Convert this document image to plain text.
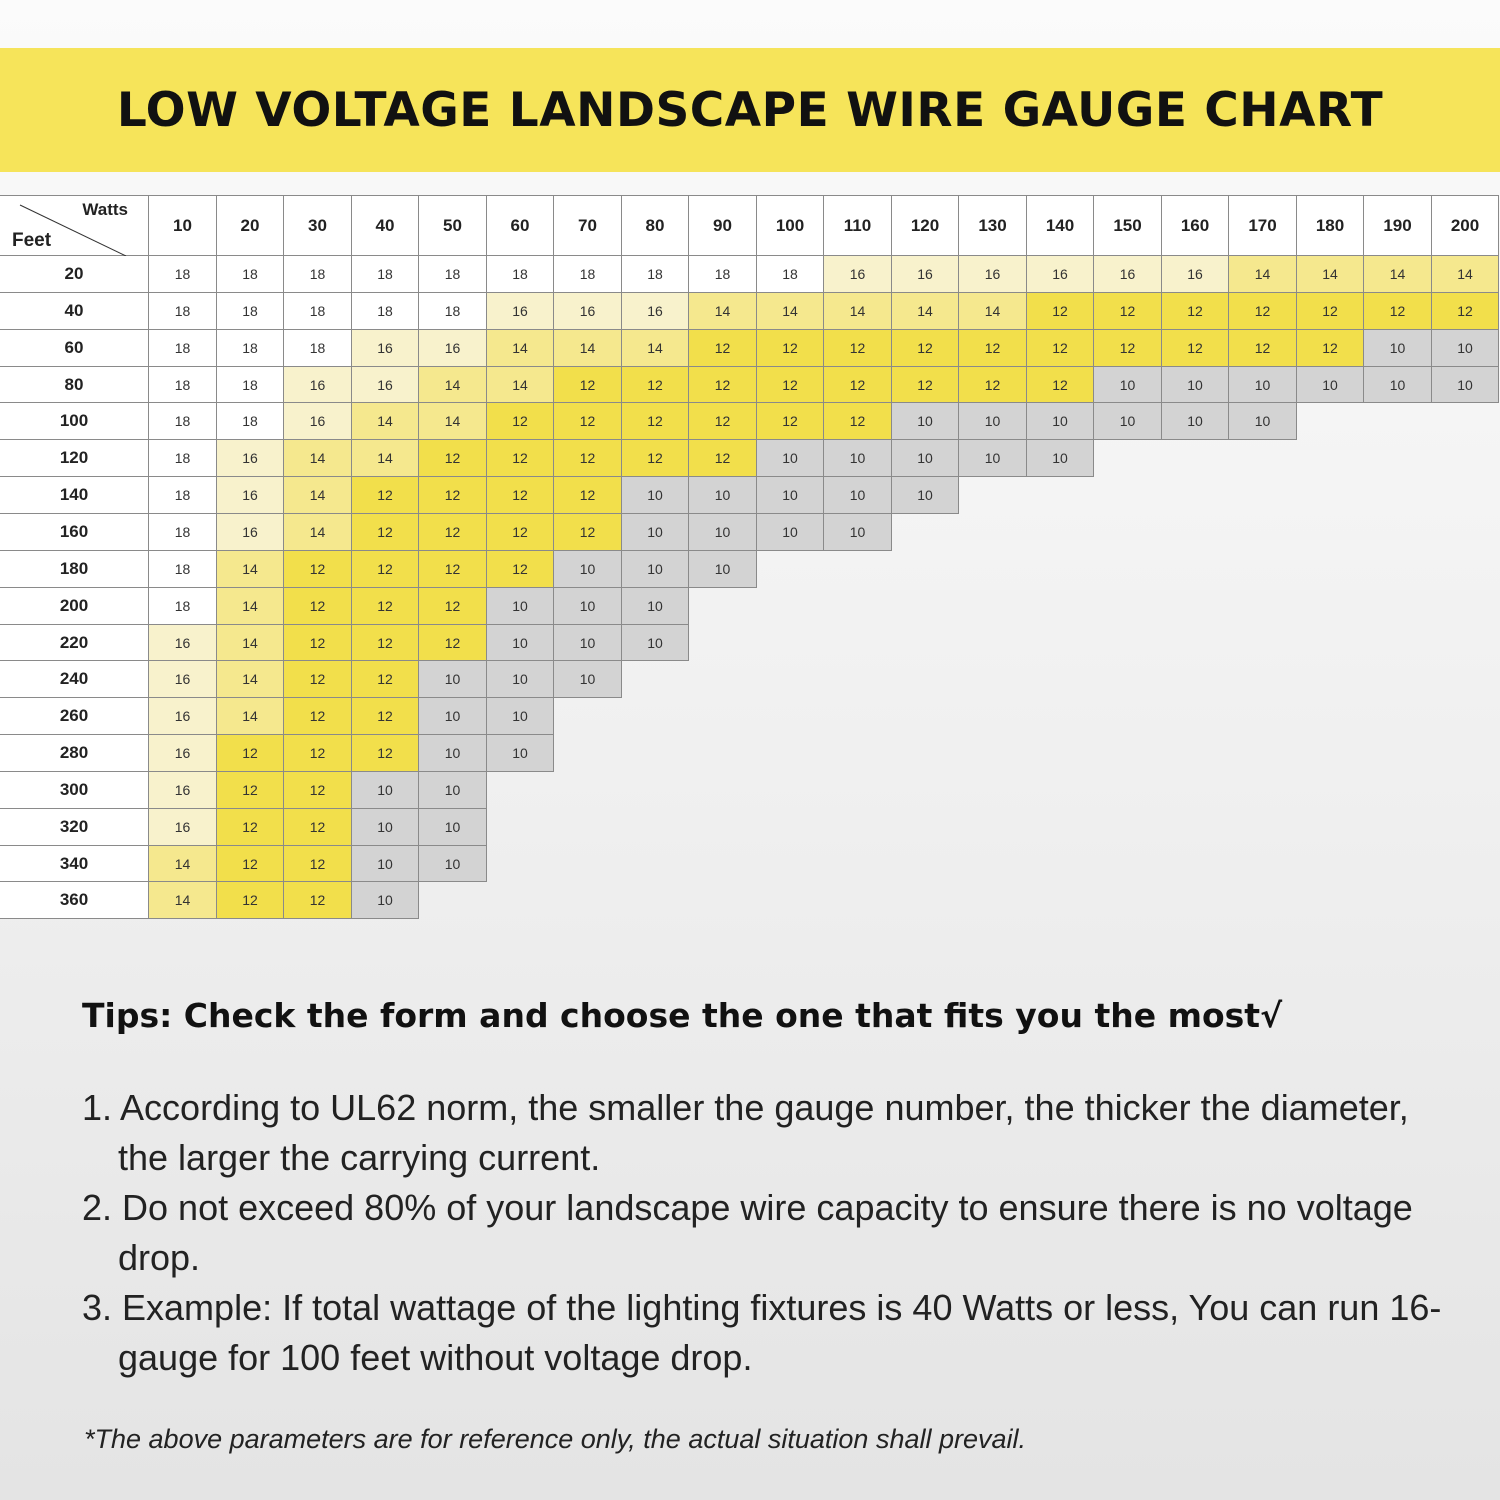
LOW VOLTAGE LANDSCAPE WIRE GAUGE CHART
Watts
Feet
10	20	30	40	50	60	70	80	90	100	110	120	130	140	150	160	170	180	190	200
20	18	18	18	18	18	18	18	18	18	18	16	16	16	16	16	16	14	14	14	14
40	18	18	18	18	18	16	16	16	14	14	14	14	14	12	12	12	12	12	12	12
60	18	18	18	16	16	14	14	14	12	12	12	12	12	12	12	12	12	12	10	10
80	18	18	16	16	14	14	12	12	12	12	12	12	12	12	10	10	10	10	10	10
100	18	18	16	14	14	12	12	12	12	12	12	10	10	10	10	10	10
120	18	16	14	14	12	12	12	12	12	10	10	10	10	10
140	18	16	14	12	12	12	12	10	10	10	10	10
160	18	16	14	12	12	12	12	10	10	10	10
180	18	14	12	12	12	12	10	10	10
200	18	14	12	12	12	10	10	10
220	16	14	12	12	12	10	10	10
240	16	14	12	12	10	10	10
260	16	14	12	12	10	10
280	16	12	12	12	10	10
300	16	12	12	10	10
320	16	12	12	10	10
340	14	12	12	10	10
360	14	12	12	10

Tips: Check the form and choose the one that fits you the most√

1. According to UL62 norm, the smaller the gauge number, the thicker the diameter, the larger the carrying current.
2. Do not exceed 80% of your landscape wire capacity to ensure there is no voltage drop.
3. Example: If total wattage of the lighting fixtures is 40 Watts or less, You can run 16-gauge for 100 feet without voltage drop.

*The above parameters are for reference only, the actual situation shall prevail.
